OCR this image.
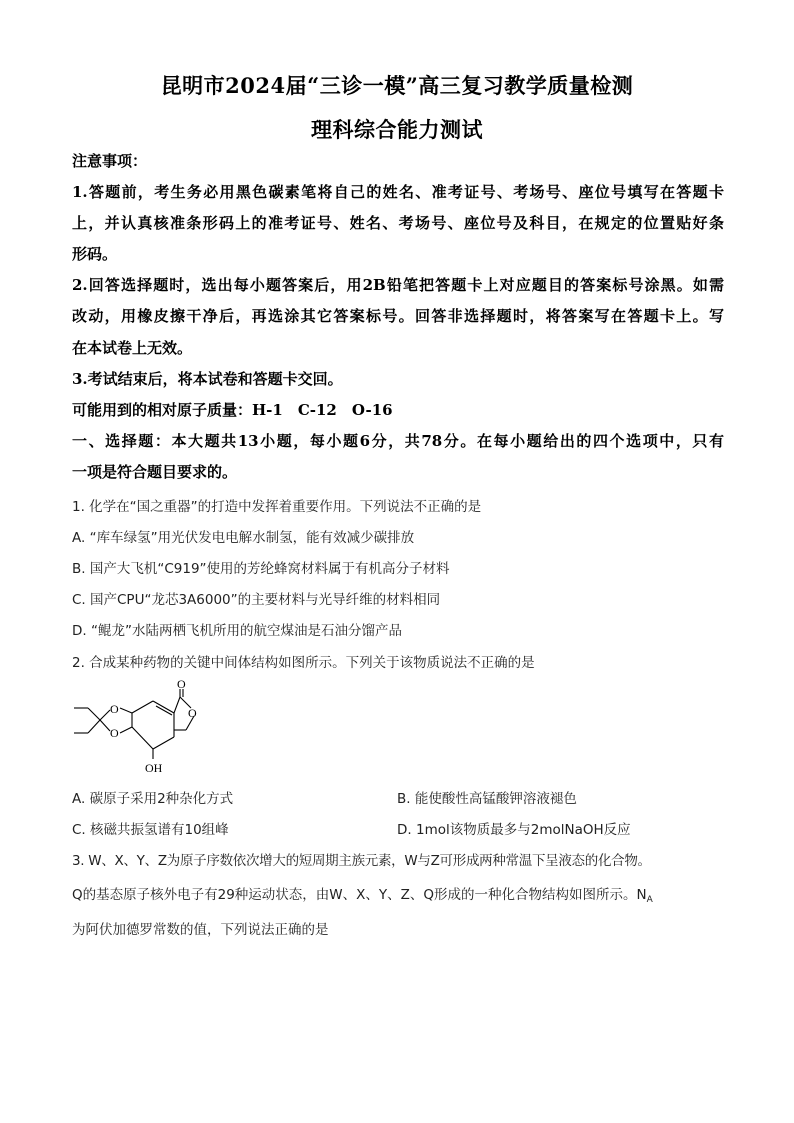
昆明市2024届“三诊一模”高三复习教学质量检测
理科综合能力测试
注意事项：
1.答题前，考生务必用黑色碳素笔将自己的姓名、准考证号、考场号、座位号填写在答题卡
上，并认真核准条形码上的准考证号、姓名、考场号、座位号及科目，在规定的位置贴好条
形码。
2.回答选择题时，选出每小题答案后，用2B铅笔把答题卡上对应题目的答案标号涂黑。如需
改动，用橡皮擦干净后，再选涂其它答案标号。回答非选择题时，将答案写在答题卡上。写
在本试卷上无效。
3.考试结束后，将本试卷和答题卡交回。
可能用到的相对原子质量：H-1　C-12　O-16
一、选择题：本大题共13小题，每小题6分，共78分。在每小题给出的四个选项中，只有
一项是符合题目要求的。
1. 化学在“国之重器”的打造中发挥着重要作用。下列说法不正确的是
A. “库车绿氢”用光伏发电电解水制氢，能有效减少碳排放
B. 国产大飞机“C919”使用的芳纶蜂窝材料属于有机高分子材料
C. 国产CPU“龙芯3A6000”的主要材料与光导纤维的材料相同
D. “鲲龙”水陆两栖飞机所用的航空煤油是石油分馏产品
2. 合成某种药物的关键中间体结构如图所示。下列关于该物质说法不正确的是
O
O
O
O
OH
A. 碳原子采用2种杂化方式	B. 能使酸性高锰酸钾溶液褪色
C. 核磁共振氢谱有10组峰	D. 1mol该物质最多与2molNaOH反应
3. W、X、Y、Z为原子序数依次增大的短周期主族元素，W与Z可形成两种常温下呈液态的化合物。
Q的基态原子核外电子有29种运动状态，由W、X、Y、Z、Q形成的一种化合物结构如图所示。$N_A$
为阿伏加德罗常数的值，下列说法正确的是
